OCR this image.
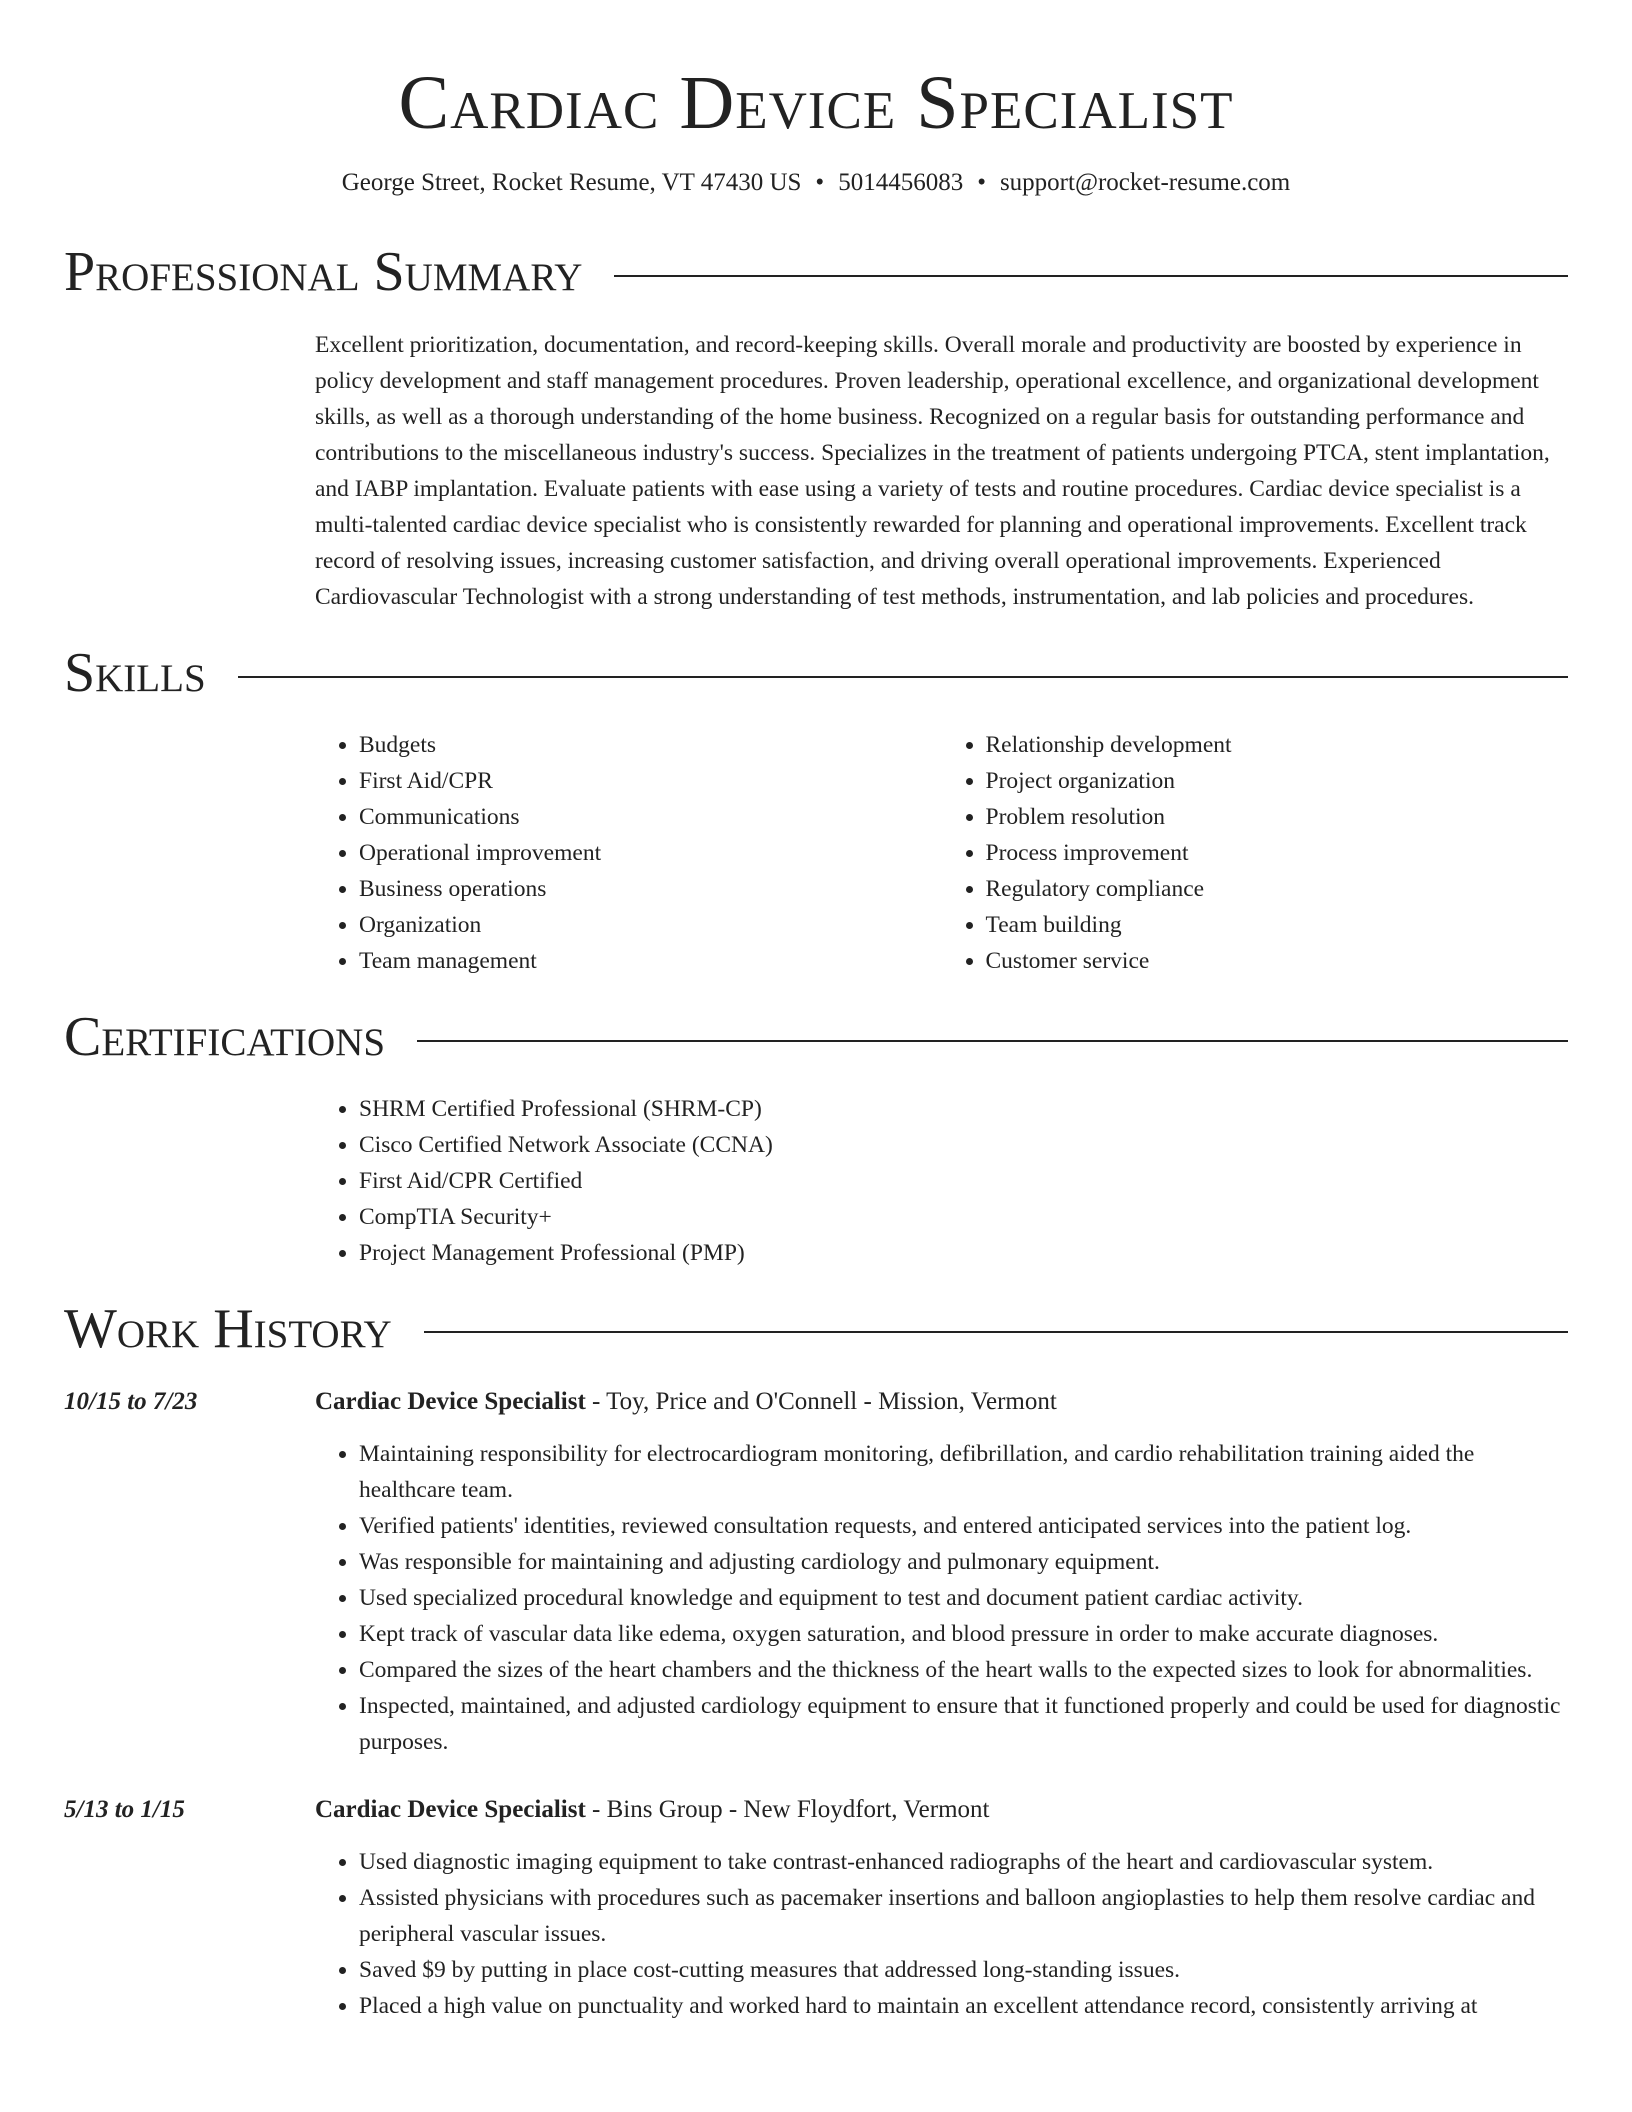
Cardiac Device Specialist
George Street, Rocket Resume, VT 47430 US • 5014456083 • support@rocket-resume.com
Professional Summary
Excellent prioritization, documentation, and record-keeping skills. Overall morale and productivity are boosted by experience in policy development and staff management procedures. Proven leadership, operational excellence, and organizational development skills, as well as a thorough understanding of the home business. Recognized on a regular basis for outstanding performance and contributions to the miscellaneous industry's success. Specializes in the treatment of patients undergoing PTCA, stent implantation, and IABP implantation. Evaluate patients with ease using a variety of tests and routine procedures. Cardiac device specialist is a multi-talented cardiac device specialist who is consistently rewarded for planning and operational improvements. Excellent track record of resolving issues, increasing customer satisfaction, and driving overall operational improvements. Experienced Cardiovascular Technologist with a strong understanding of test methods, instrumentation, and lab policies and procedures.
Skills
• Budgets
• First Aid/CPR
• Communications
• Operational improvement
• Business operations
• Organization
• Team management
• Relationship development
• Project organization
• Problem resolution
• Process improvement
• Regulatory compliance
• Team building
• Customer service
Certifications
• SHRM Certified Professional (SHRM-CP)
• Cisco Certified Network Associate (CCNA)
• First Aid/CPR Certified
• CompTIA Security+
• Project Management Professional (PMP)
Work History
10/15 to 7/23	Cardiac Device Specialist - Toy, Price and O'Connell - Mission, Vermont
• Maintaining responsibility for electrocardiogram monitoring, defibrillation, and cardio rehabilitation training aided the healthcare team.
• Verified patients' identities, reviewed consultation requests, and entered anticipated services into the patient log.
• Was responsible for maintaining and adjusting cardiology and pulmonary equipment.
• Used specialized procedural knowledge and equipment to test and document patient cardiac activity.
• Kept track of vascular data like edema, oxygen saturation, and blood pressure in order to make accurate diagnoses.
• Compared the sizes of the heart chambers and the thickness of the heart walls to the expected sizes to look for abnormalities.
• Inspected, maintained, and adjusted cardiology equipment to ensure that it functioned properly and could be used for diagnostic purposes.
5/13 to 1/15	Cardiac Device Specialist - Bins Group - New Floydfort, Vermont
• Used diagnostic imaging equipment to take contrast-enhanced radiographs of the heart and cardiovascular system.
• Assisted physicians with procedures such as pacemaker insertions and balloon angioplasties to help them resolve cardiac and peripheral vascular issues.
• Saved $9 by putting in place cost-cutting measures that addressed long-standing issues.
• Placed a high value on punctuality and worked hard to maintain an excellent attendance record, consistently arriving at
